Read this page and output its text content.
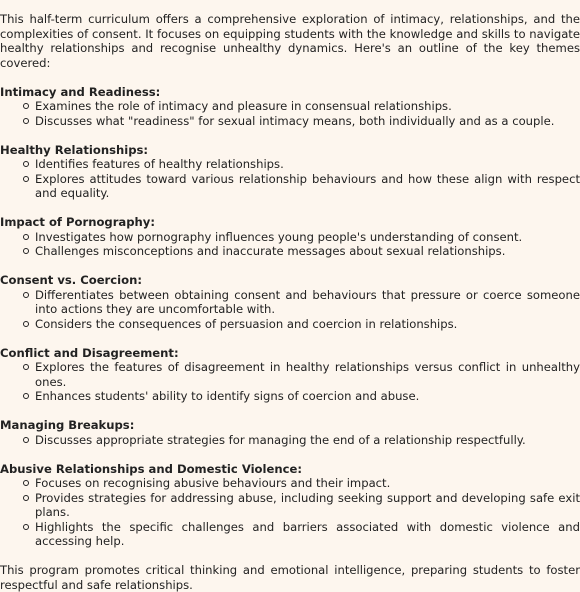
This half-term curriculum offers a comprehensive exploration of intimacy, relationships, and the complexities of consent. It focuses on equipping students with the knowledge and skills to navigate healthy relationships and recognise unhealthy dynamics. Here's an outline of the key themes covered:

Intimacy and Readiness:

Examines the role of intimacy and pleasure in consensual relationships.
Discusses what "readiness" for sexual intimacy means, both individually and as a couple.

Healthy Relationships:

Identifies features of healthy relationships.
Explores attitudes toward various relationship behaviours and how these align with respect and equality.

Impact of Pornography:

Investigates how pornography influences young people's understanding of consent.
Challenges misconceptions and inaccurate messages about sexual relationships.

Consent vs. Coercion:

Differentiates between obtaining consent and behaviours that pressure or coerce someone into actions they are uncomfortable with.
Considers the consequences of persuasion and coercion in relationships.

Conflict and Disagreement:

Explores the features of disagreement in healthy relationships versus conflict in unhealthy ones.
Enhances students' ability to identify signs of coercion and abuse.

Managing Breakups:

Discusses appropriate strategies for managing the end of a relationship respectfully.

Abusive Relationships and Domestic Violence:

Focuses on recognising abusive behaviours and their impact.
Provides strategies for addressing abuse, including seeking support and developing safe exit plans.
Highlights the specific challenges and barriers associated with domestic violence and accessing help.

This program promotes critical thinking and emotional intelligence, preparing students to foster respectful and safe relationships.
